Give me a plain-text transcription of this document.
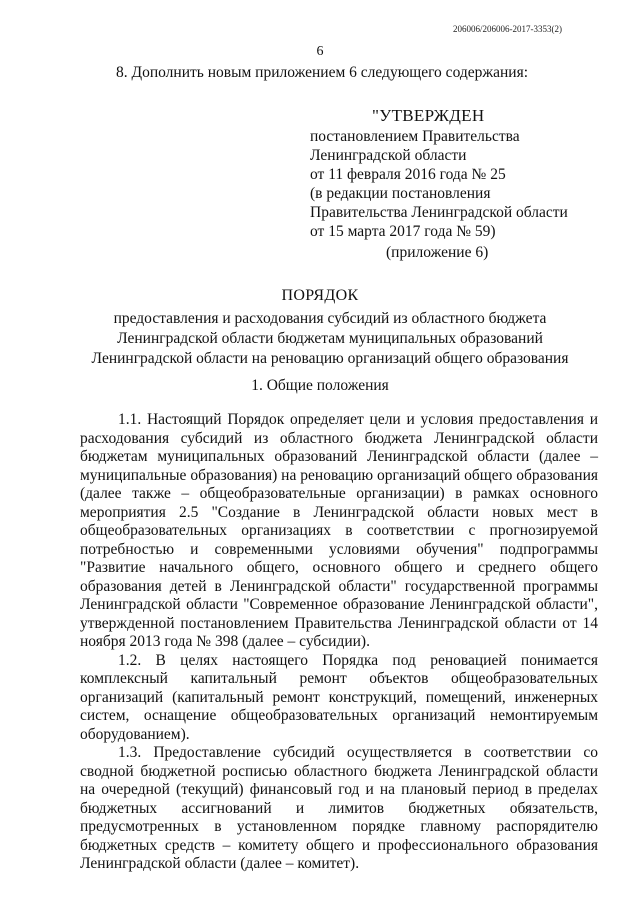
206006/206006-2017-3353(2)
6
8. Дополнить новым приложением 6 следующего содержания:
"УТВЕРЖДЕН
постановлением Правительства
Ленинградской области
от 11 февраля 2016 года № 25
(в редакции постановления
Правительства Ленинградской области
от 15 марта 2017 года № 59)
(приложение 6)
ПОРЯДОК
предоставления и расходования субсидий из областного бюджета
Ленинградской области бюджетам муниципальных образований
Ленинградской области на реновацию организаций общего образования
1. Общие положения

1.1. Настоящий Порядок определяет цели и условия предоставления и расходования субсидий из областного бюджета Ленинградской области бюджетам муниципальных образований Ленинградской области (далее – муниципальные образования) на реновацию организаций общего образования (далее также – общеобразовательные организации) в рамках основного мероприятия 2.5 "Создание в Ленинградской области новых мест в общеобразовательных организациях в соответствии с прогнозируемой потребностью и современными условиями обучения" подпрограммы "Развитие начального общего, основного общего и среднего общего образования детей в Ленинградской области" государственной программы Ленинградской области "Современное образование Ленинградской области", утвержденной постановлением Правительства Ленинградской области от 14 ноября 2013 года № 398 (далее – субсидии).

1.2. В целях настоящего Порядка под реновацией понимается комплексный капитальный ремонт объектов общеобразовательных организаций (капитальный ремонт конструкций, помещений, инженерных систем, оснащение общеобразовательных организаций немонтируемым оборудованием).

1.3. Предоставление субсидий осуществляется в соответствии со сводной бюджетной росписью областного бюджета Ленинградской области на очередной (текущий) финансовый год и на плановый период в пределах бюджетных ассигнований и лимитов бюджетных обязательств, предусмотренных в установленном порядке главному распорядителю бюджетных средств – комитету общего и профессионального образования Ленинградской области (далее – комитет).
